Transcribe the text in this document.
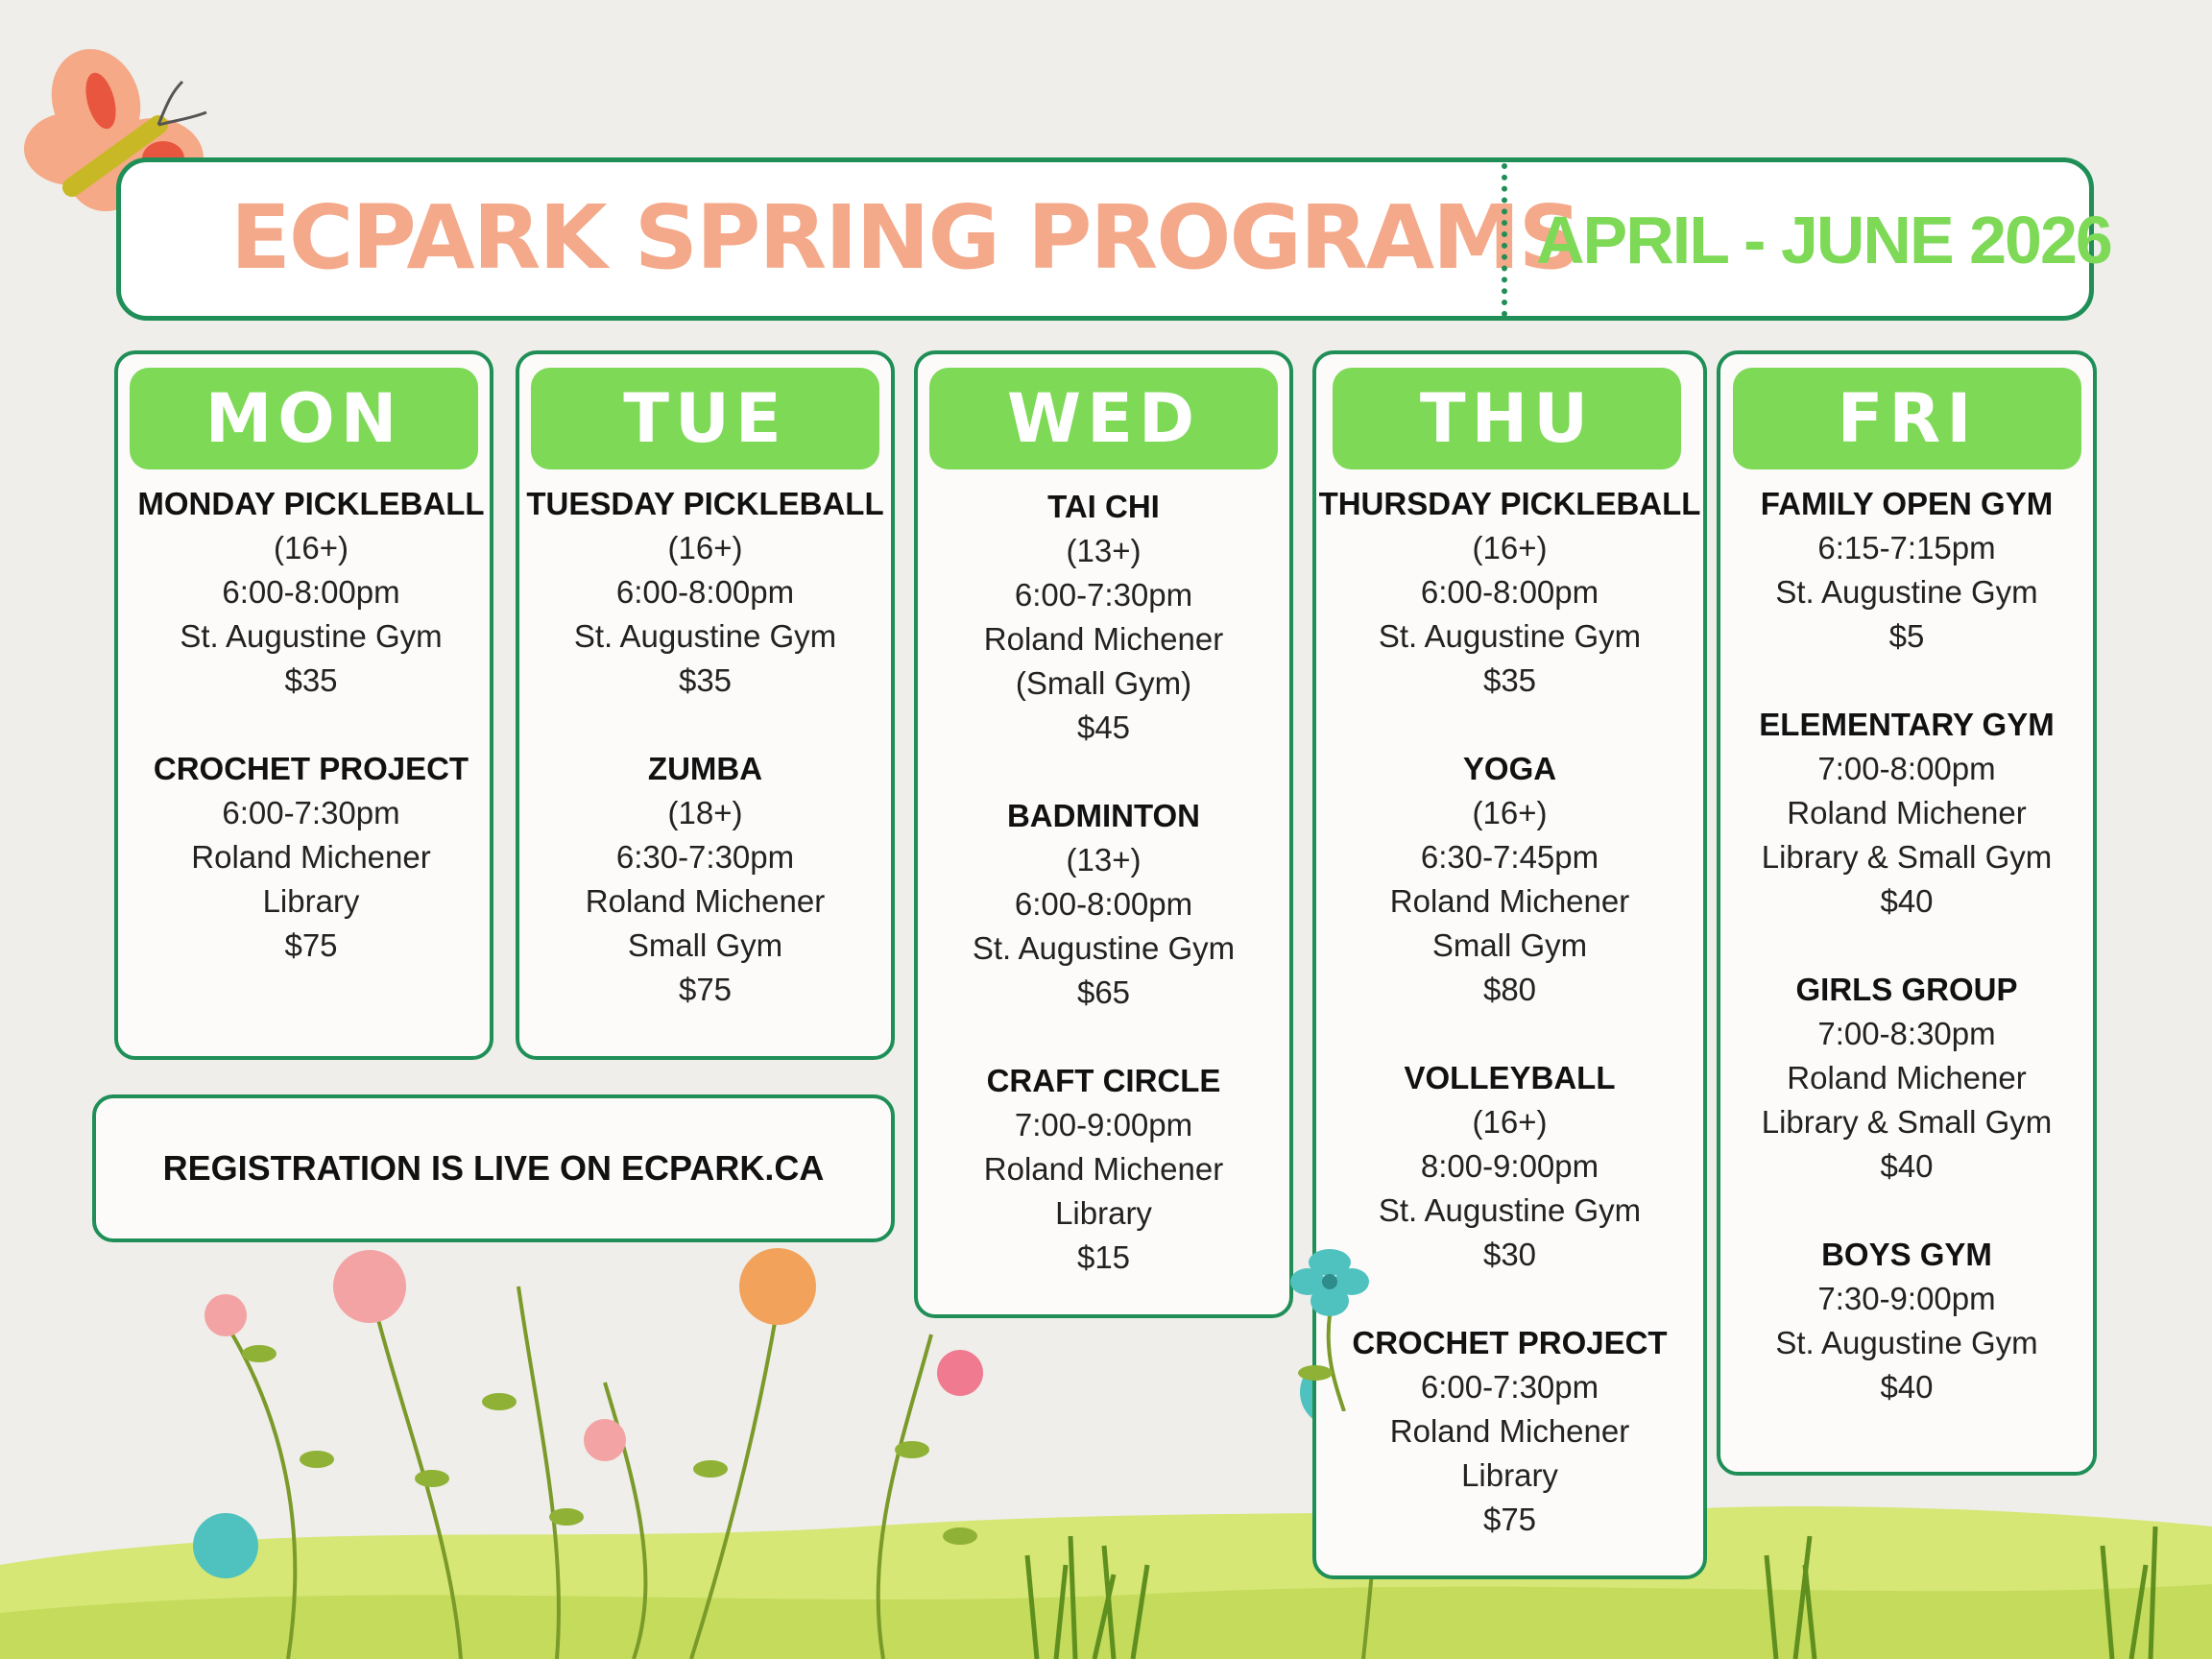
ECPARK SPRING PROGRAMS
APRIL - JUNE 2026
MON
MONDAY PICKLEBALL
(16+)
6:00-8:00pm
St. Augustine Gym
$35
CROCHET PROJECT
6:00-7:30pm
Roland Michener
Library
$75
TUE
TUESDAY PICKLEBALL
(16+)
6:00-8:00pm
St. Augustine Gym
$35
ZUMBA
(18+)
6:30-7:30pm
Roland Michener
Small Gym
$75
WED
TAI CHI
(13+)
6:00-7:30pm
Roland Michener
(Small Gym)
$45
BADMINTON
(13+)
6:00-8:00pm
St. Augustine Gym
$65
CRAFT CIRCLE
7:00-9:00pm
Roland Michener
Library
$15
THU
THURSDAY PICKLEBALL
(16+)
6:00-8:00pm
St. Augustine Gym
$35
YOGA
(16+)
6:30-7:45pm
Roland Michener
Small Gym
$80
VOLLEYBALL
(16+)
8:00-9:00pm
St. Augustine Gym
$30
CROCHET PROJECT
6:00-7:30pm
Roland Michener
Library
$75
FRI
FAMILY OPEN GYM
6:15-7:15pm
St. Augustine Gym
$5
ELEMENTARY GYM
7:00-8:00pm
Roland Michener
Library & Small Gym
$40
GIRLS GROUP
7:00-8:30pm
Roland Michener
Library & Small Gym
$40
BOYS GYM
7:30-9:00pm
St. Augustine Gym
$40
REGISTRATION IS LIVE ON ECPARK.CA
